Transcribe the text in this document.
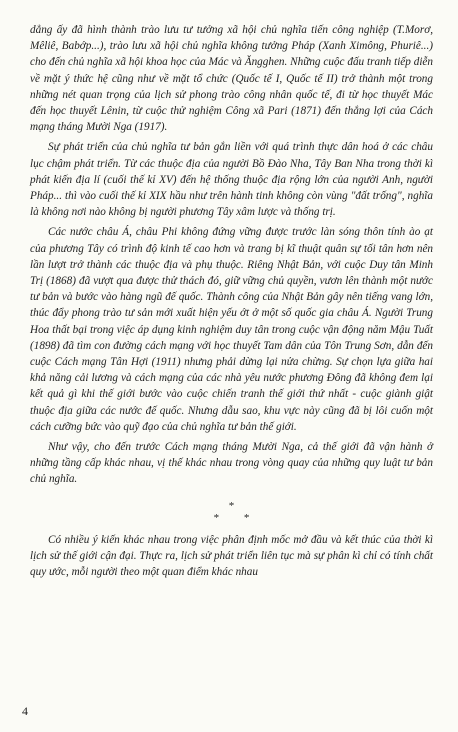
dẳng ấy đã hình thành trào lưu tư tưởng xã hội chủ nghĩa tiến công nghiệp (T.Morơ, Mêliê, Babớp...), trào lưu xã hội chủ nghĩa không tưởng Pháp (Xanh Ximông, Phuriê...) cho đến chủ nghĩa xã hội khoa học của Mác và Ăngghen. Những cuộc đấu tranh tiếp diễn về mặt ý thức hệ cũng như về mặt tổ chức (Quốc tế I, Quốc tế II) trở thành một trong những nét quan trọng của lịch sử phong trào công nhân quốc tế, đi từ học thuyết Mác đến học thuyết Lênin, từ cuộc thử nghiệm Công xã Pari (1871) đến thắng lợi của Cách mạng tháng Mười Nga (1917).

Sự phát triển của chủ nghĩa tư bản gắn liền với quá trình thực dân hoá ở các châu lục chậm phát triển. Từ các thuộc địa của người Bồ Đào Nha, Tây Ban Nha trong thời kì phát kiến địa lí (cuối thế kỉ XV) đến hệ thống thuộc địa rộng lớn của người Anh, người Pháp... thì vào cuối thế kỉ XIX hầu như trên hành tinh không còn vùng "đất trống", nghĩa là không nơi nào không bị người phương Tây xâm lược và thống trị.

Các nước châu Á, châu Phi không đứng vững được trước làn sóng thôn tính ào ạt của phương Tây có trình độ kinh tế cao hơn và trang bị kĩ thuật quân sự tối tân hơn nên lần lượt trở thành các thuộc địa và phụ thuộc. Riêng Nhật Bản, với cuộc Duy tân Minh Trị (1868) đã vượt qua được thử thách đó, giữ vững chủ quyền, vươn lên thành một nước tư bản và bước vào hàng ngũ đế quốc. Thành công của Nhật Bản gây nên tiếng vang lớn, thúc đẩy phong trào tư sản mới xuất hiện yếu ớt ở một số quốc gia châu Á. Người Trung Hoa thất bại trong việc áp dụng kinh nghiệm duy tân trong cuộc vận động năm Mậu Tuất (1898) đã tìm con đường cách mạng với học thuyết Tam dân của Tôn Trung Sơn, dẫn đến cuộc Cách mạng Tân Hợi (1911) nhưng phải dừng lại nửa chừng. Sự chọn lựa giữa hai khả năng cải lương và cách mạng của các nhà yêu nước phương Đông đã không đem lại kết quả gì khi thế giới bước vào cuộc chiến tranh thế giới thứ nhất - cuộc giành giật thuộc địa giữa các nước đế quốc. Nhưng dẫu sao, khu vực này cũng đã bị lôi cuốn một cách cưỡng bức vào quỹ đạo của chủ nghĩa tư bản thế giới.

Như vậy, cho đến trước Cách mạng tháng Mười Nga, cả thế giới đã vận hành ở những tầng cấp khác nhau, vị thế khác nhau trong vòng quay của những quy luật tư bản chủ nghĩa.

*
* *

Có nhiều ý kiến khác nhau trong việc phân định mốc mở đầu và kết thúc của thời kì lịch sử thế giới cận đại. Thực ra, lịch sử phát triển liên tục mà sự phân kì chỉ có tính chất quy ước, mỗi người theo một quan điểm khác nhau

4
